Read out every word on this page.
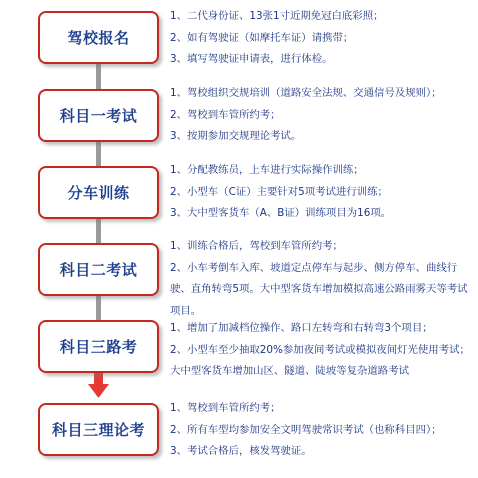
驾校报名
1、二代身份证、13张1寸近期免冠白底彩照；
2、如有驾驶证（如摩托车证）请携带；
3、填写驾驶证申请表，进行体检。
科目一考试
1、驾校组织交规培训（道路安全法规、交通信号及规则）；
2、驾校到车管所约考；
3、按期参加交规理论考试。
分车训练
1、分配教练员，上车进行实际操作训练；
2、小型车（C证）主要针对5项考试进行训练；
3、大中型客货车（A、B证）训练项目为16项。
科目二考试
1、训练合格后，驾校到车管所约考；
2、小车考倒车入库、坡道定点停车与起步、侧方停车、曲线行驶、直角转弯5项。大中型客货车增加模拟高速公路雨雾天等考试项目。
科目三路考
1、增加了加减档位操作、路口左转弯和右转弯3个项目；
2、小型车至少抽取20%参加夜间考试或模拟夜间灯光使用考试；大中型客货车增加山区、隧道、陡坡等复杂道路考试
科目三理论考
1、驾校到车管所约考；
2、所有车型均参加安全文明驾驶常识考试（也称科目四）；
3、考试合格后，核发驾驶证。
